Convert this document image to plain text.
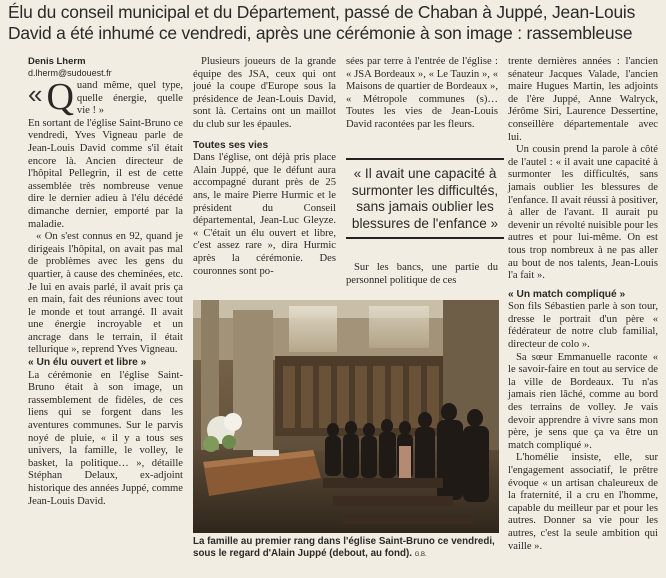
Élu du conseil municipal et du Département, passé de Chaban à Juppé, Jean-Louis David a été inhumé ce vendredi, après une cérémonie à son image : rassembleuse
Denis Lherm
d.lherm@sudouest.fr

« Q uand même, quel type, quelle énergie, quelle vie ! »

En sortant de l'église Saint-Bruno ce vendredi, Yves Vigneau parle de Jean-Louis David comme s'il était encore là. Ancien directeur de l'hôpital Pellegrin, il est de cette assemblée très nombreuse venue dire le dernier adieu à l'élu décédé dimanche dernier, emporté par la maladie.

« On s'est connus en 92, quand je dirigeais l'hôpital, on avait pas mal de problèmes avec les gens du quartier, à cause des cheminées, etc. Je lui en avais parlé, il avait pris ça en main, fait des réunions avec tout le monde et tout arrangé. Il avait une énergie incroyable et un ancrage dans le terrain, il était tellurique », reprend Yves Vigneau.

« Un élu ouvert et libre »

La cérémonie en l'église Saint-Bruno était à son image, un rassemblement de fidèles, de ces liens qui se forgent dans les aventures communes. Sur le parvis noyé de pluie, « il y a tous ses univers, la famille, le volley, le basket, la politique… », détaille Stéphan Delaux, ex-adjoint historique des années Juppé, comme Jean-Louis David.

Plusieurs joueurs de la grande équipe des JSA, ceux qui ont joué la coupe d'Europe sous la présidence de Jean-Louis David, sont là. Certains ont un maillot du club sur les épaules.

Toutes ses vies

Dans l'église, ont déjà pris place Alain Juppé, que le défunt aura accompagné durant près de 25 ans, le maire Pierre Hurmic et le président du Conseil départemental, Jean-Luc Gleyze. « C'était un élu ouvert et libre, c'est assez rare », dira Hurmic après la cérémonie. Des couronnes sont po-

sées par terre à l'entrée de l'église : « JSA Bordeaux », « Le Tauzin », « Maisons de quartier de Bordeaux », « Métropole communes (s)… Toutes les vies de Jean-Louis David racontées par les fleurs.

« Il avait une capacité à surmonter les difficultés, sans jamais oublier les blessures de l'enfance »

Sur les bancs, une partie du personnel politique de ces

trente dernières années : l'ancien sénateur Jacques Valade, l'ancien maire Hugues Martin, les adjoints de l'ère Juppé, Anne Walryck, Jérôme Siri, Laurence Dessertine, conseillère départementale avec lui.

Un cousin prend la parole à côté de l'autel : « il avait une capacité à surmonter les difficultés, sans jamais oublier les blessures de l'enfance. Il avait réussi à positiver, à aller de l'avant. Il aurait pu devenir un révolté nuisible pour les autres et pour lui-même. On est tous trop nombreux à ne pas aller au bout de nos talents, Jean-Louis l'a fait ».

« Un match compliqué »

Son fils Sébastien parle à son tour, dresse le portrait d'un père « fédérateur de notre club familial, directeur de colo ».

Sa sœur Emmanuelle raconte « le savoir-faire en tout au service de la ville de Bordeaux. Tu n'as jamais rien lâché, comme au bord des terrains de volley. Je vais devoir apprendre à vivre sans mon père, je sens que ça va être un match compliqué ».

L'homélie insiste, elle, sur l'engagement associatif, le prêtre évoque « un artisan chaleureux de la fraternité, il a cru en l'homme, capable du meilleur par et pour les autres. Donner sa vie pour les autres, c'est la seule ambition qui vaille ».

La famille au premier rang dans l'église Saint-Bruno ce vendredi, sous le regard d'Alain Juppé (debout, au fond). G.B.
